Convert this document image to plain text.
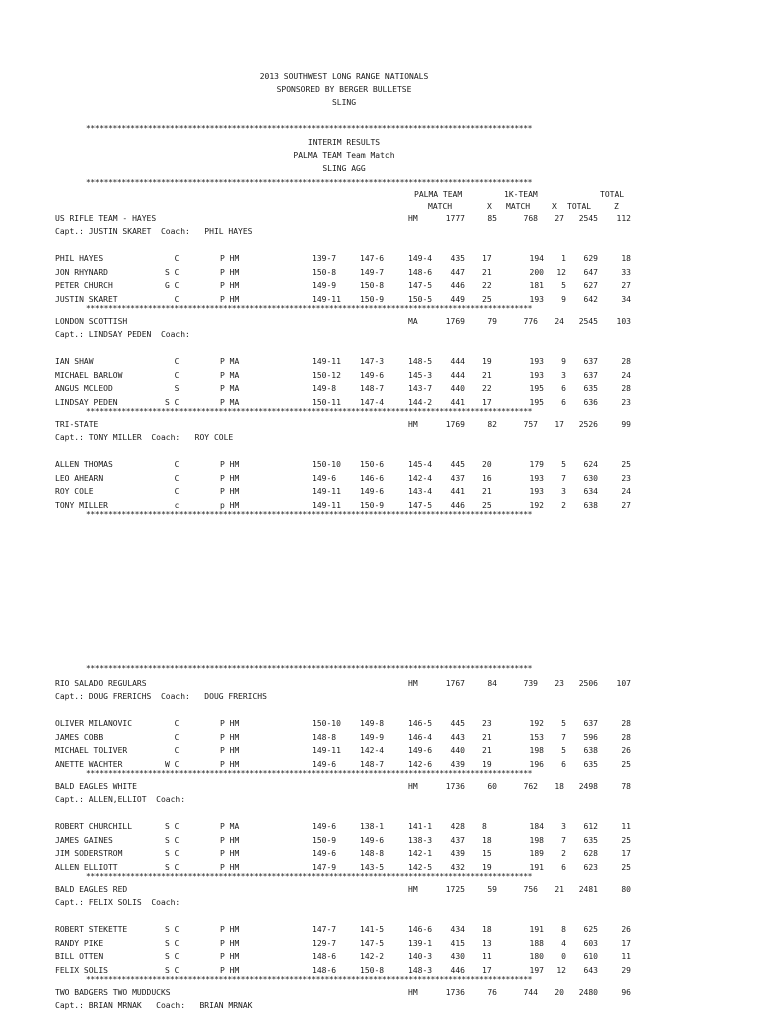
2013 SOUTHWEST LONG RANGE NATIONALS
SPONSORED BY BERGER BULLETSE
SLING
*****************************************************************************************************
INTERIM RESULTS
PALMA TEAM Team Match
SLING AGG
*****************************************************************************************************
PALMA TEAM	1K-TEAM	TOTAL
MATCH	X MATCH	X TOTAL	Z
US RIFLE TEAM - HAYES	HM	1777	85	768	27	2545	112
Capt.: JUSTIN SKARET  Coach:   PHIL HAYES
PHIL HAYES	C	P HM	139-7	147-6	149-4	435 17	194	1	629	18
JON RHYNARD	S C	P HM	150-8	149-7	148-6	447 21	200	12	647	33
PETER CHURCH	G C	P HM	149-9	150-8	147-5	446 22	181	5	627	27
JUSTIN SKARET	C	P HM	149-11 150-9	150-5	449 25	193	9	642	34
*****************************************************************************************************
LONDON SCOTTISH	MA	1769	79	776	24	2545	103
Capt.: LINDSAY PEDEN  Coach:
IAN SHAW	C	P MA	149-11 147-3	148-5	444 19	193	9	637	28
MICHAEL BARLOW	C	P MA	150-12 149-6	145-3	444 21	193	3	637	24
ANGUS MCLEOD	S	P MA	149-8	148-7	143-7	440 22	195	6	635	28
LINDSAY PEDEN	S C	P MA	150-11 147-4	144-2	441 17	195	6	636	23
*****************************************************************************************************
TRI-STATE	HM	1769	82	757	17	2526	99
Capt.: TONY MILLER  Coach:   ROY COLE
ALLEN THOMAS	C	P HM	150-10 150-6	145-4	445 20	179	5	624	25
LEO AHEARN	C	P HM	149-6	146-6	142-4	437 16	193	7	630	23
ROY COLE	C	P HM	149-11 149-6	143-4	441 21	193	3	634	24
TONY MILLER	c	p HM	149-11 150-9	147-5	446 25	192	2	638	27
*****************************************************************************************************
*****************************************************************************************************
RIO SALADO REGULARS	HM	1767	84	739	23	2506	107
Capt.: DOUG FRERICHS  Coach:   DOUG FRERICHS
OLIVER MILANOVIC	C	P HM	150-10 149-8	146-5	445 23	192	5	637	28
JAMES COBB	C	P HM	148-8	149-9	146-4	443 21	153	7	596	28
MICHAEL TOLIVER	C	P HM	149-11 142-4	149-6	440 21	198	5	638	26
ANETTE WACHTER	W C	P HM	149-6	148-7	142-6	439 19	196	6	635	25
*****************************************************************************************************
BALD EAGLES WHITE	HM	1736	60	762	18	2498	78
Capt.: ALLEN,ELLIOT  Coach:
ROBERT CHURCHILL	S C	P MA	149-6	138-1	141-1	428 8	184	3	612	11
JAMES GAINES	S C	P HM	150-9	149-6	138-3	437 18	198	7	635	25
JIM SODERSTROM	S C	P HM	149-6	148-8	142-1	439 15	189	2	628	17
ALLEN ELLIOTT	S C	P HM	147-9	143-5	142-5	432 19	191	6	623	25
*****************************************************************************************************
BALD EAGLES RED	HM	1725	59	756	21	2481	80
Capt.: FELIX SOLIS  Coach:
ROBERT STEKETTE	S C	P HM	147-7	141-5	146-6	434 18	191	8	625	26
RANDY PIKE	S C	P HM	129-7	147-5	139-1	415 13	188	4	603	17
BILL OTTEN	S C	P HM	148-6	142-2	140-3	430 11	180	0	610	11
FELIX SOLIS	S C	P HM	148-6	150-8	148-3	446 17	197	12	643	29
*****************************************************************************************************
TWO BADGERS TWO MUDDUCKS	HM	1736	76	744	20	2480	96
Capt.: BRIAN MRNAK   Coach:   BRIAN MRNAK
